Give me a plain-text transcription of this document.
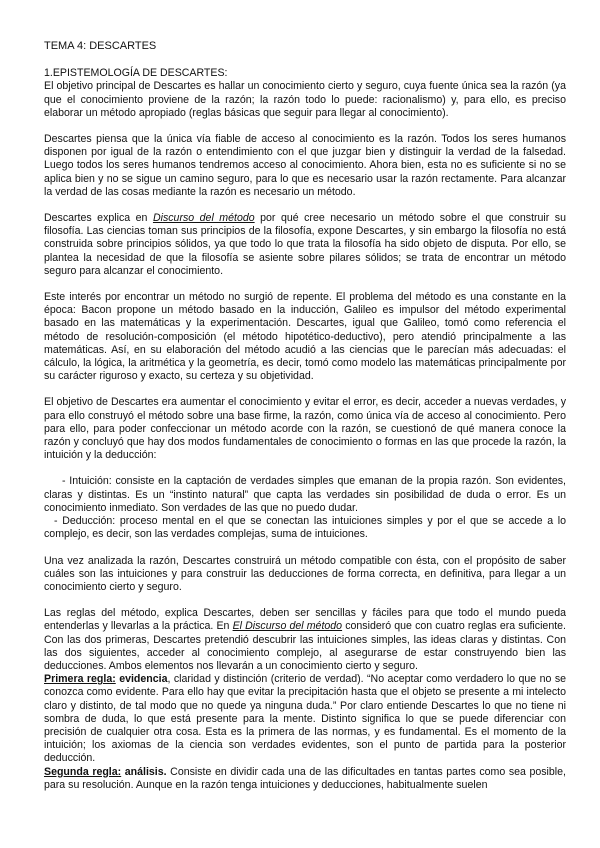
TEMA 4: DESCARTES
1.EPISTEMOLOGÍA DE DESCARTES:

El objetivo principal de Descartes es hallar un conocimiento cierto y seguro, cuya fuente única sea la razón (ya que el conocimiento proviene de la razón; la razón todo lo puede: racionalismo) y, para ello, es preciso elaborar un método apropiado (reglas básicas que seguir para llegar al conocimiento).

Descartes piensa que la única vía fiable de acceso al conocimiento es la razón. Todos los seres humanos disponen por igual de la razón o entendimiento con el que juzgar bien y distinguir la verdad de la falsedad. Luego todos los seres humanos tendremos acceso al conocimiento. Ahora bien, esta no es suficiente si no se aplica bien y no se sigue un camino seguro, para lo que es necesario usar la razón rectamente. Para alcanzar la verdad de las cosas mediante la razón es necesario un método.

Descartes explica en Discurso del método por qué cree necesario un método sobre el que construir su filosofía. Las ciencias toman sus principios de la filosofía, expone Descartes, y sin embargo la filosofía no está construida sobre principios sólidos, ya que todo lo que trata la filosofía ha sido objeto de disputa. Por ello, se plantea la necesidad de que la filosofía se asiente sobre pilares sólidos; se trata de encontrar un método seguro para alcanzar el conocimiento.

Este interés por encontrar un método no surgió de repente. El problema del método es una constante en la época: Bacon propone un método basado en la inducción, Galileo es impulsor del método experimental basado en las matemáticas y la experimentación. Descartes, igual que Galileo, tomó como referencia el método de resolución-composición (el método hipotético-deductivo), pero atendió principalmente a las matemáticas. Así, en su elaboración del método acudió a las ciencias que le parecían más adecuadas: el cálculo, la lógica, la aritmética y la geometría, es decir, tomó como modelo las matemáticas principalmente por su carácter riguroso y exacto, su certeza y su objetividad.

El objetivo de Descartes era aumentar el conocimiento y evitar el error, es decir, acceder a nuevas verdades, y para ello construyó el método sobre una base firme, la razón, como única vía de acceso al conocimiento. Pero para ello, para poder confeccionar un método acorde con la razón, se cuestionó de qué manera conoce la razón y concluyó que hay dos modos fundamentales de conocimiento o formas en las que procede la razón, la intuición y la deducción:

- Intuición: consiste en la captación de verdades simples que emanan de la propia razón. Son evidentes, claras y distintas. Es un “instinto natural” que capta las verdades sin posibilidad de duda o error. Es un conocimiento inmediato. Son verdades de las que no puedo dudar.
- Deducción: proceso mental en el que se conectan las intuiciones simples y por el que se accede a lo complejo, es decir, son las verdades complejas, suma de intuiciones.

Una vez analizada la razón, Descartes construirá un método compatible con ésta, con el propósito de saber cuáles son las intuiciones y para construir las deducciones de forma correcta, en definitiva, para llegar a un conocimiento cierto y seguro.

Las reglas del método, explica Descartes, deben ser sencillas y fáciles para que todo el mundo pueda entenderlas y llevarlas a la práctica. En El Discurso del método consideró que con cuatro reglas era suficiente. Con las dos primeras, Descartes pretendió descubrir las intuiciones simples, las ideas claras y distintas. Con las dos siguientes, acceder al conocimiento complejo, al asegurarse de estar construyendo bien las deducciones. Ambos elementos nos llevarán a un conocimiento cierto y seguro.

Primera regla: evidencia, claridad y distinción (criterio de verdad). “No aceptar como verdadero lo que no se conozca como evidente. Para ello hay que evitar la precipitación hasta que el objeto se presente a mi intelecto claro y distinto, de tal modo que no quede ya ninguna duda.” Por claro entiende Descartes lo que no tiene ni sombra de duda, lo que está presente para la mente. Distinto significa lo que se puede diferenciar con precisión de cualquier otra cosa. Esta es la primera de las normas, y es fundamental. Es el momento de la intuición; los axiomas de la ciencia son verdades evidentes, son el punto de partida para la posterior deducción.

Segunda regla: análisis. Consiste en dividir cada una de las dificultades en tantas partes como sea posible, para su resolución. Aunque en la razón tenga intuiciones y deducciones, habitualmente suelen
